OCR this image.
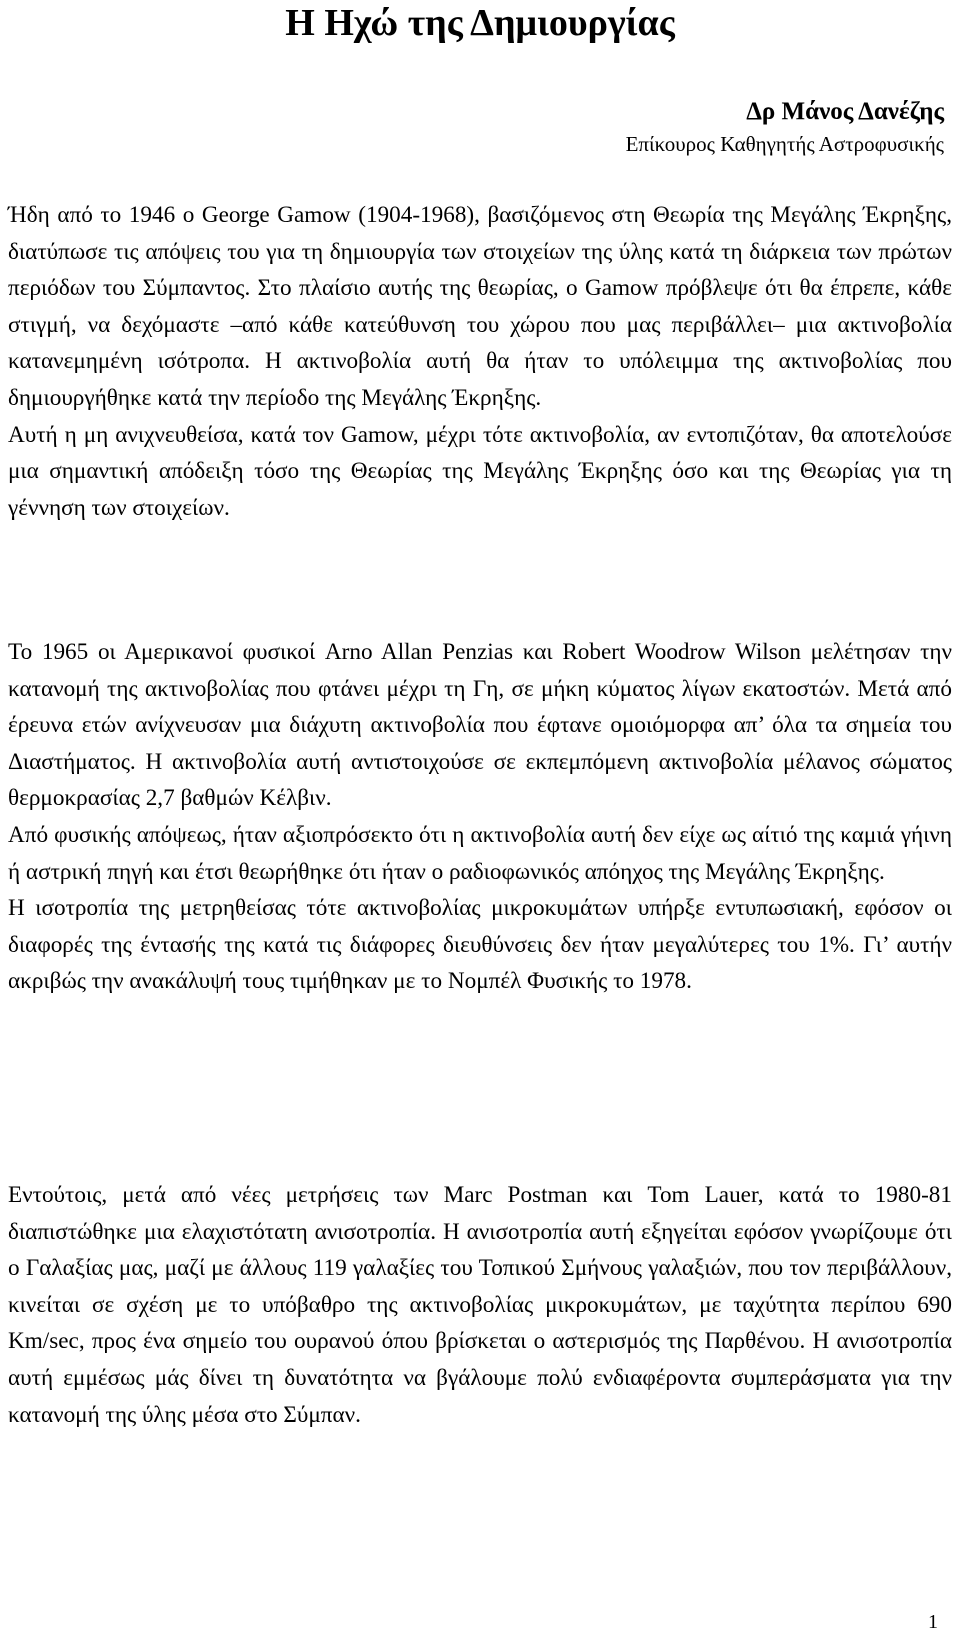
Η Ηχώ της Δημιουργίας
Δρ Μάνος Δανέζης
Επίκουρος Καθηγητής Αστροφυσικής

Ήδη από το 1946 ο George Gamow (1904-1968), βασιζόμενος στη Θεωρία της Μεγάλης Έκρηξης, διατύπωσε τις απόψεις του για τη δημιουργία των στοιχείων της ύλης κατά τη διάρκεια των πρώτων περιόδων του Σύμπαντος. Στο πλαίσιο αυτής της θεωρίας, ο Gamow πρόβλεψε ότι θα έπρεπε, κάθε στιγμή, να δεχόμαστε –από κάθε κατεύθυνση του χώρου που μας περιβάλλει– μια ακτινοβολία κατανεμημένη ισότροπα. Η ακτινοβολία αυτή θα ήταν το υπόλειμμα της ακτινοβολίας που δημιουργήθηκε κατά την περίοδο της Μεγάλης Έκρηξης.
Αυτή η μη ανιχνευθείσα, κατά τον Gamow, μέχρι τότε ακτινοβολία, αν εντοπιζόταν, θα αποτελούσε μια σημαντική απόδειξη τόσο της Θεωρίας της Μεγάλης Έκρηξης όσο και της Θεωρίας για τη γέννηση των στοιχείων.

Το 1965 οι Αμερικανοί φυσικοί Arno Allan Penzias και Robert Woodrow Wilson μελέτησαν την κατανομή της ακτινοβολίας που φτάνει μέχρι τη Γη, σε μήκη κύματος λίγων εκατοστών. Μετά από έρευνα ετών ανίχνευσαν μια διάχυτη ακτινοβολία που έφτανε ομοιόμορφα απ’ όλα τα σημεία του Διαστήματος. Η ακτινοβολία αυτή αντιστοιχούσε σε εκπεμπόμενη ακτινοβολία μέλανος σώματος θερμοκρασίας 2,7 βαθμών Κέλβιν.
Από φυσικής απόψεως, ήταν αξιοπρόσεκτο ότι η ακτινοβολία αυτή δεν είχε ως αίτιό της καμιά γήινη ή αστρική πηγή και έτσι θεωρήθηκε ότι ήταν ο ραδιοφωνικός απόηχος της Μεγάλης Έκρηξης.
Η ισοτροπία της μετρηθείσας τότε ακτινοβολίας μικροκυμάτων υπήρξε εντυπωσιακή, εφόσον οι διαφορές της έντασής της κατά τις διάφορες διευθύνσεις δεν ήταν μεγαλύτερες του 1%. Γι’ αυτήν ακριβώς την ανακάλυψή τους τιμήθηκαν με το Νομπέλ Φυσικής το 1978.

Εντούτοις, μετά από νέες μετρήσεις των Marc Postman και Tom Lauer, κατά το 1980-81 διαπιστώθηκε μια ελαχιστότατη ανισοτροπία. Η ανισοτροπία αυτή εξηγείται εφόσον γνωρίζουμε ότι ο Γαλαξίας μας, μαζί με άλλους 119 γαλαξίες του Τοπικού Σμήνους γαλαξιών, που τον περιβάλλουν, κινείται σε σχέση με το υπόβαθρο της ακτινοβολίας μικροκυμάτων, με ταχύτητα περίπου 690 Km/sec, προς ένα σημείο του ουρανού όπου βρίσκεται ο αστερισμός της Παρθένου. Η ανισοτροπία αυτή εμμέσως μάς δίνει τη δυνατότητα να βγάλουμε πολύ ενδιαφέροντα συμπεράσματα για την κατανομή της ύλης μέσα στο Σύμπαν.

1
